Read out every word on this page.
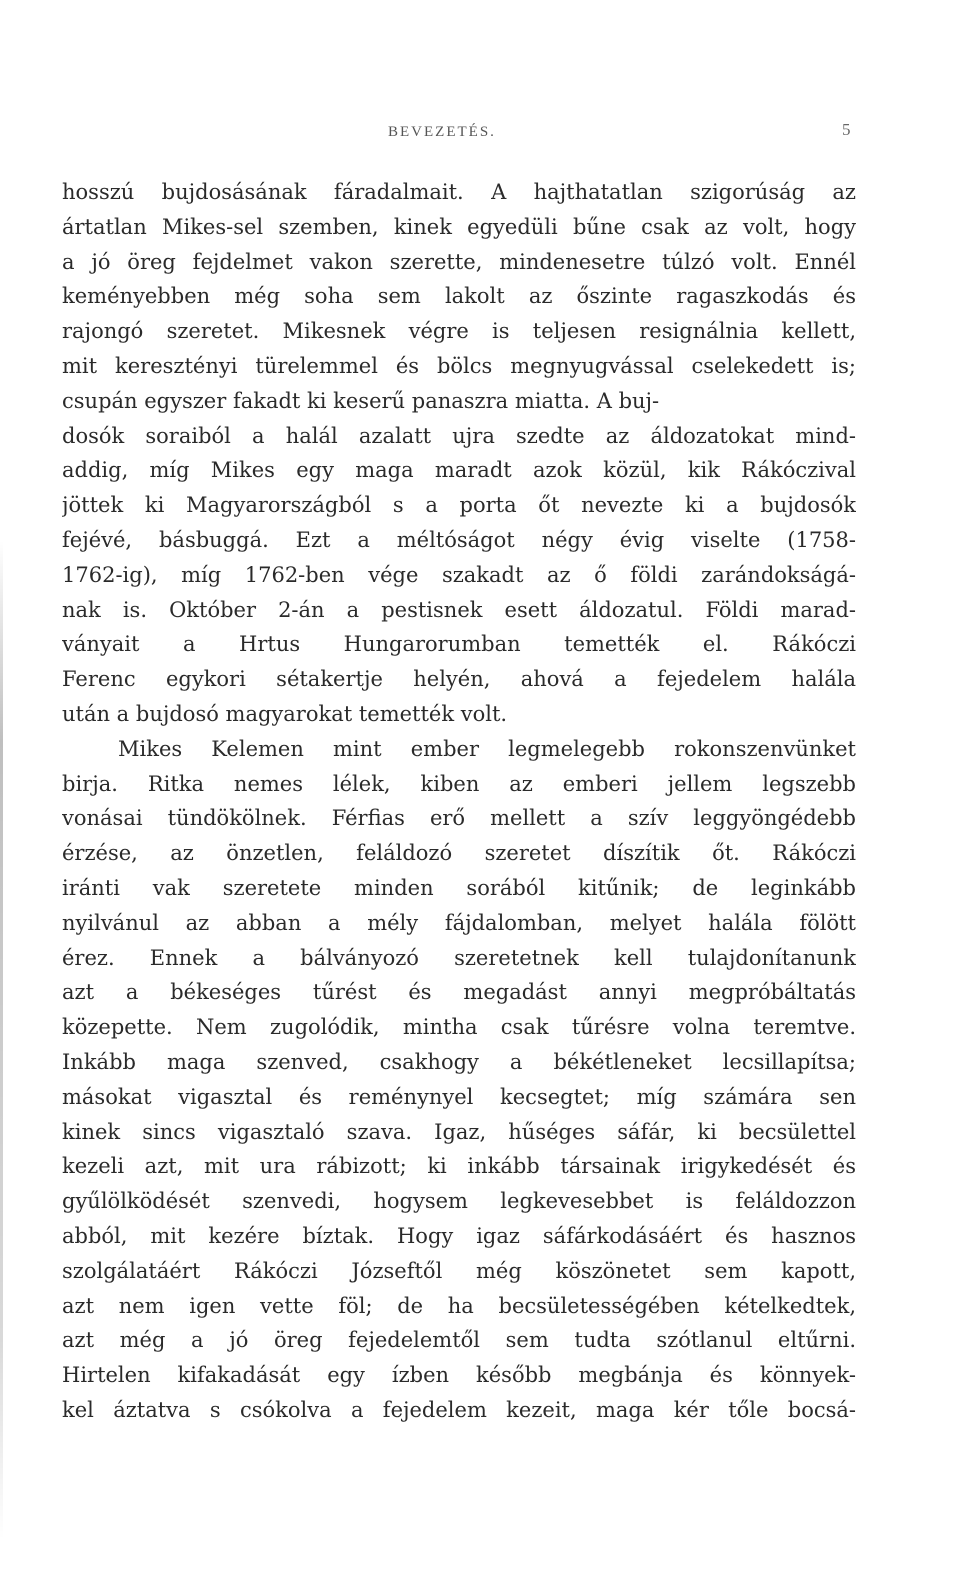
BEVEZETÉS.	5
hosszú bujdosásának fáradalmait. A hajthatatlan szigorúság az
ártatlan Mikes-sel szemben, kinek egyedüli bűne csak az volt, hogy
a jó öreg fejdelmet vakon szerette, mindenesetre túlzó volt. Ennél
keményebben még soha sem lakolt az őszinte ragaszkodás és
rajongó szeretet. Mikesnek végre is teljesen resignálnia kellett,
mit keresztényi türelemmel és bölcs megnyugvással cselekedett is; csupán egyszer fakadt ki keserű panaszra miatta. A buj-
dosók soraiból a halál azalatt ujra szedte az áldozatokat mind-
addig, míg Mikes egy maga maradt azok közül, kik Rákóczival
jöttek ki Magyarországból s a porta őt nevezte ki a bujdosók
fejévé, básbuggá. Ezt a méltóságot négy évig viselte (1758-
1762-ig), míg 1762-ben vége szakadt az ő földi zarándokságá-
nak is. Október 2-án a pestisnek esett áldozatul. Földi marad-
ványait a Hrtus Hungarorumban temették el. Rákóczi
Ferenc egykori sétakertje helyén, ahová a fejedelem halála
után a bujdosó magyarokat temették volt.
Mikes Kelemen mint ember legmelegebb rokonszenvünket
birja. Ritka nemes lélek, kiben az emberi jellem legszebb
vonásai tündökölnek. Férfias erő mellett a szív leggyöngédebb
érzése, az önzetlen, feláldozó szeretet díszítik őt. Rákóczi
iránti vak szeretete minden sorából kitűnik; de leginkább
nyilvánul az abban a mély fájdalomban, melyet halála fölött
érez. Ennek a bálványozó szeretetnek kell tulajdonítanunk
azt a békeséges tűrést és megadást annyi megpróbáltatás
közepette. Nem zugolódik, mintha csak tűrésre volna teremtve.
Inkább maga szenved, csakhogy a békétleneket lecsillapítsa;
másokat vigasztal és reménynyel kecsegtet; míg számára sen
kinek sincs vigasztaló szava. Igaz, hűséges sáfár, ki becsülettel
kezeli azt, mit ura rábizott; ki inkább társainak irigykedését és
gyűlölködését szenvedi, hogysem legkevesebbet is feláldozzon
abból, mit kezére bíztak. Hogy igaz sáfárkodásáért és hasznos
szolgálatáért Rákóczi Józseftől még köszönetet sem kapott,
azt nem igen vette föl; de ha becsületességében kételkedtek,
azt még a jó öreg fejedelemtől sem tudta szótlanul eltűrni.
Hirtelen kifakadását egy ízben később megbánja és könnyek-
kel áztatva s csókolva a fejedelem kezeit, maga kér tőle bocsá-
